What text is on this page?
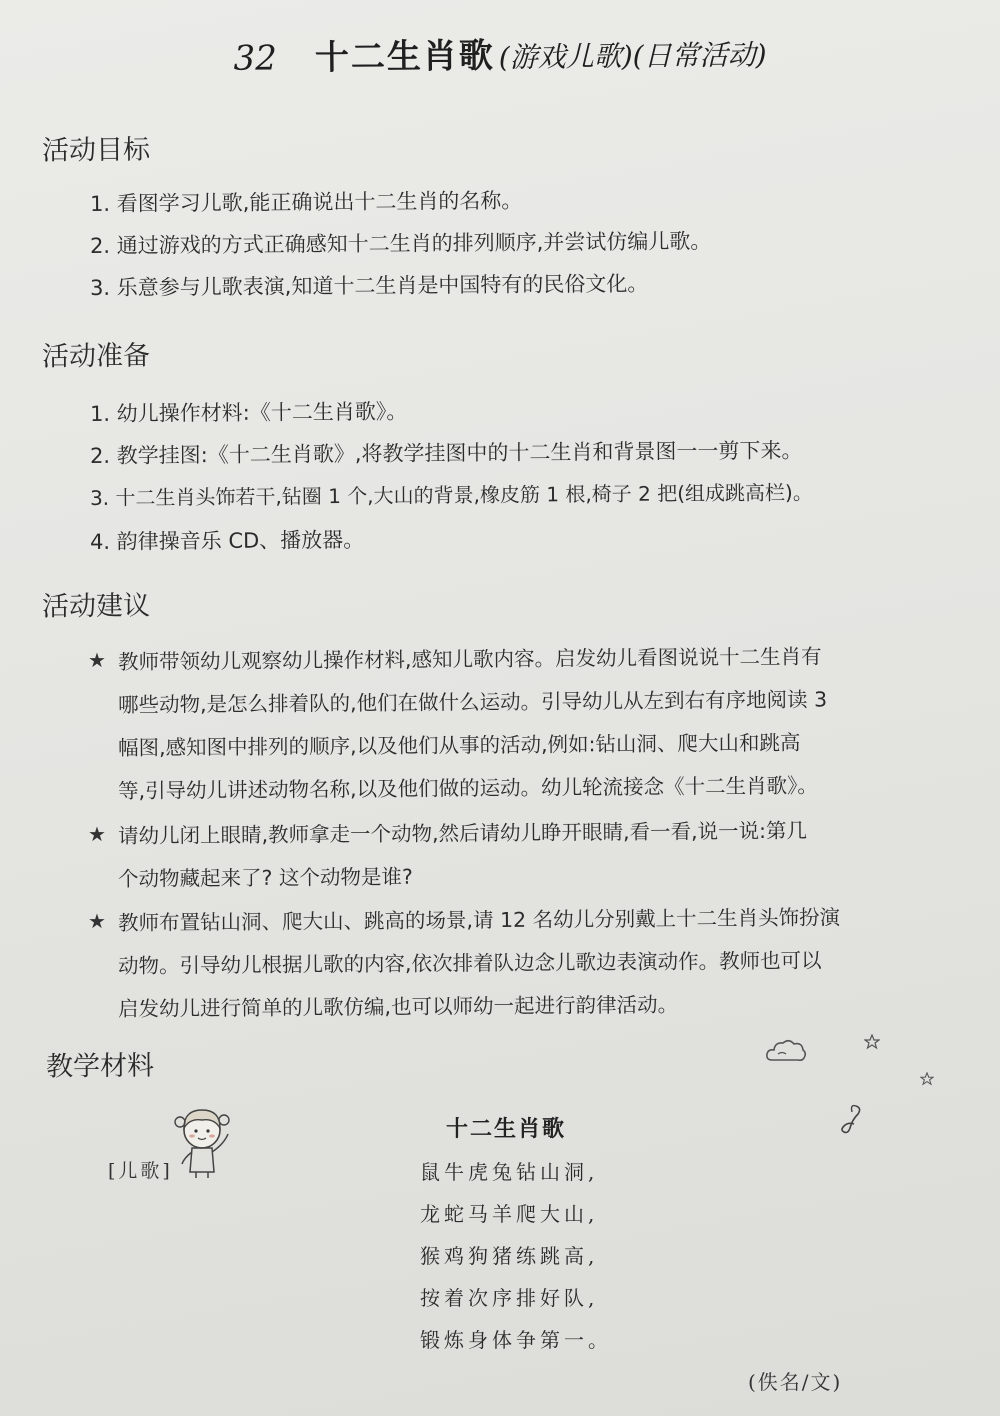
32 十二生肖歌 (游戏儿歌)(日常活动)
活动目标
1. 看图学习儿歌,能正确说出十二生肖的名称。
2. 通过游戏的方式正确感知十二生肖的排列顺序,并尝试仿编儿歌。
3. 乐意参与儿歌表演,知道十二生肖是中国特有的民俗文化。
活动准备
1. 幼儿操作材料:《十二生肖歌》。
2. 教学挂图:《十二生肖歌》,将教学挂图中的十二生肖和背景图一一剪下来。
3. 十二生肖头饰若干,钻圈 1 个,大山的背景,橡皮筋 1 根,椅子 2 把(组成跳高栏)。
4. 韵律操音乐 CD、播放器。
活动建议
★ 教师带领幼儿观察幼儿操作材料,感知儿歌内容。启发幼儿看图说说十二生肖有
哪些动物,是怎么排着队的,他们在做什么运动。引导幼儿从左到右有序地阅读 3
幅图,感知图中排列的顺序,以及他们从事的活动,例如:钻山洞、爬大山和跳高
等,引导幼儿讲述动物名称,以及他们做的运动。幼儿轮流接念《十二生肖歌》。
★ 请幼儿闭上眼睛,教师拿走一个动物,然后请幼儿睁开眼睛,看一看,说一说:第几
个动物藏起来了? 这个动物是谁?
★ 教师布置钻山洞、爬大山、跳高的场景,请 12 名幼儿分别戴上十二生肖头饰扮演
动物。引导幼儿根据儿歌的内容,依次排着队边念儿歌边表演动作。教师也可以
启发幼儿进行简单的儿歌仿编,也可以师幼一起进行韵律活动。
教学材料
[儿歌]
十二生肖歌
鼠牛虎兔钻山洞,
龙蛇马羊爬大山,
猴鸡狗猪练跳高,
按着次序排好队,
锻炼身体争第一。
(佚名/文)
